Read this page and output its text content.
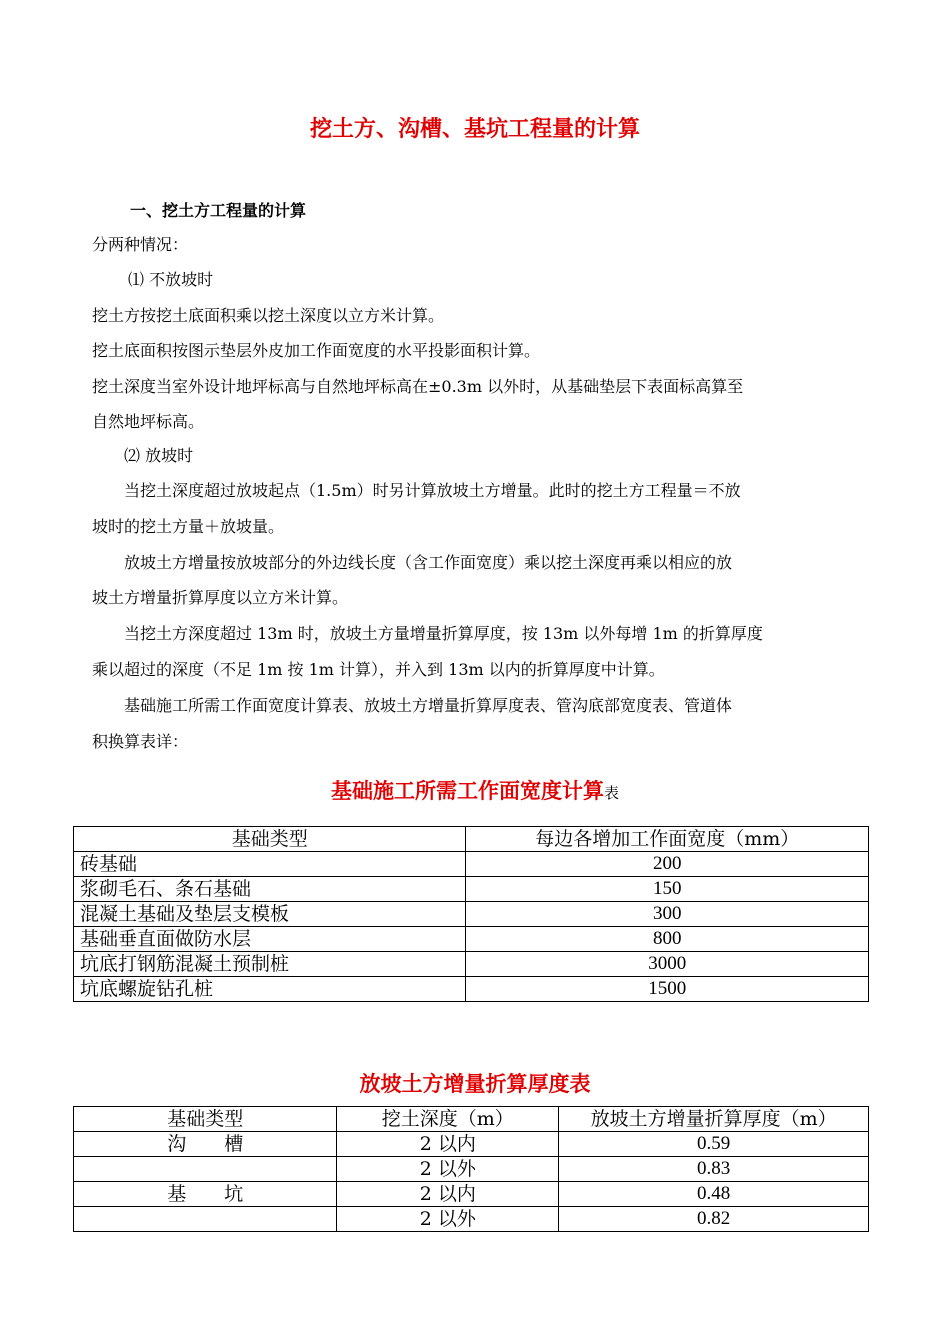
挖土方、沟槽、基坑工程量的计算
一、挖土方工程量的计算
分两种情况：
⑴ 不放坡时
挖土方按挖土底面积乘以挖土深度以立方米计算。
挖土底面积按图示垫层外皮加工作面宽度的水平投影面积计算。
挖土深度当室外设计地坪标高与自然地坪标高在±0.3m 以外时，从基础垫层下表面标高算至
自然地坪标高。
⑵ 放坡时
当挖土深度超过放坡起点（1.5m）时另计算放坡土方增量。此时的挖土方工程量＝不放
坡时的挖土方量＋放坡量。
放坡土方增量按放坡部分的外边线长度（含工作面宽度）乘以挖土深度再乘以相应的放
坡土方增量折算厚度以立方米计算。
当挖土方深度超过 13m 时，放坡土方量增量折算厚度，按 13m 以外每增 1m 的折算厚度
乘以超过的深度（不足 1m 按 1m 计算），并入到 13m 以内的折算厚度中计算。
基础施工所需工作面宽度计算表、放坡土方增量折算厚度表、管沟底部宽度表、管道体
积换算表详：
基础施工所需工作面宽度计算表
基础类型	每边各增加工作面宽度（mm）
砖基础	200
浆砌毛石、条石基础	150
混凝土基础及垫层支模板	300
基础垂直面做防水层	800
坑底打钢筋混凝土预制桩	3000
坑底螺旋钻孔桩	1500
放坡土方增量折算厚度表
基础类型	挖土深度（m）	放坡土方增量折算厚度（m）
沟　　槽	2 以内	0.59
	2 以外	0.83
基　　坑	2 以内	0.48
	2 以外	0.82
